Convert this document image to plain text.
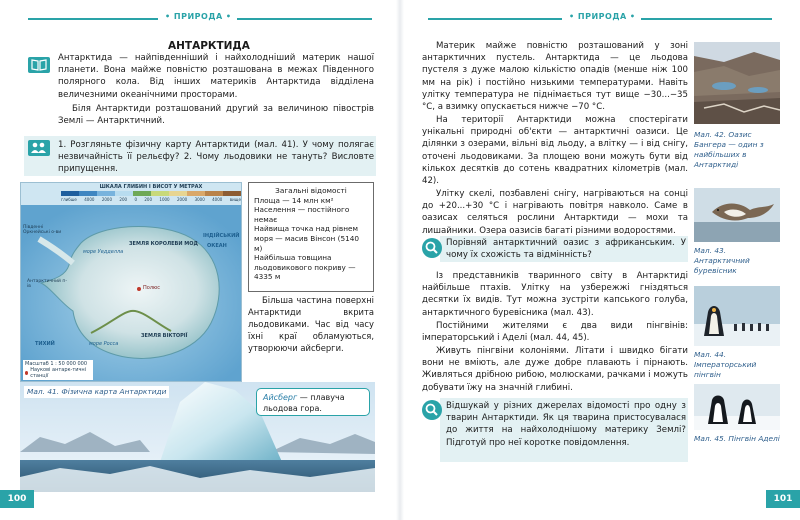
• ПРИРОДА •
АНТАРКТИДА
Антарктида — найпівденніший і найхолодніший материк нашої планети. Вона майже повністю розташована в межах Південного полярного кола. Від інших материків Антарктида відділена величезними океанічними просторами.
Біля Антарктиди розташований другий за величиною півострів Землі — Антарктичний.
1. Розгляньте фізичну карту Антарктиди (мал. 41). У чому полягає незвичайність її рельєфу? 2. Чому льодовики не тануть? Висловте припущення.
ШКАЛА ГЛИБИН І ВИСОТ У МЕТРАХ
глибше 4000 2000 200 0 200 1000 2000 3000 4000 вище
Південні Оркнейські о-ви
Антарктичний п-ів
море Уедделла
ЗЕМЛЯ КОРОЛЕВИ МОД
Полюс
ЗЕМЛЯ ВІКТОРІЇ
море Росса
ІНДІЙСЬКИЙ
ТИХИЙ
ОКЕАН
Масштаб 1 : 50 000 000
Наукові антарк-тичні станції
Загальні відомості
Площа — 14 млн км²
Населення — постійного немає
Найвища точка над рівнем моря — масив Вінсон (5140 м)
Найбільша товщина льодовикового покриву — 4335 м
Більша частина поверхні Антарктиди вкрита льодовиками. Час від часу їхні краї обламуються, утворюючи айсберги.
Мал. 41. Фізична карта Антарктиди
Айсберг — плавуча льодова гора.
100
• ПРИРОДА •
Материк майже повністю розташований у зоні антарктичних пустель. Антарктида — це льодова пустеля з дуже малою кількістю опадів (менше ніж 100 мм на рік) і постійно низькими температурами. Навіть улітку температура не піднімається тут вище −30...−35 °С, а взимку опускається нижче −70 °С.
На території Антарктиди можна спостерігати унікальні природні об'єкти — антарктичні оазиси. Це ділянки з озерами, вільні від льоду, а влітку — і від снігу, оточені льодовиками. За площею вони можуть бути від кількох десятків до сотень квадратних кілометрів (мал. 42).
Улітку скелі, позбавлені снігу, нагріваються на сонці до +20...+30 °С і нагрівають повітря навколо. Саме в оазисах селяться рослини Антарктиди — мохи та лишайники. Озера оазисів багаті різними водоростями.
Порівняй антарктичний оазис з африканським. У чому їх схожість та відмінність?
Із представників тваринного світу в Антарктиді найбільше птахів. Улітку на узбережжі гніздяться десятки їх видів. Тут можна зустріти капського голуба, антарктичного буревісника (мал. 43).
Постійними жителями є два види пінгвінів: імператорський і Аделі (мал. 44, 45).
Живуть пінгвіни колоніями. Літати і швидко бігати вони не вміють, але дуже добре плавають і пірнають. Живляться дрібною рибою, молюсками, рачками і можуть добувати їжу на значній глибині.
Відшукай у різних джерелах відомості про одну з тварин Антарктиди. Як ця тварина пристосувалася до життя на найхолоднішому материку Землі? Підготуй про неї коротке повідомлення.
Мал. 42. Оазис Бангера — один з найбільших в Антарктиді
Мал. 43. Антарктичний буревісник
Мал. 44. Імператорський пінгвін
Мал. 45. Пінгвін Аделі
101
